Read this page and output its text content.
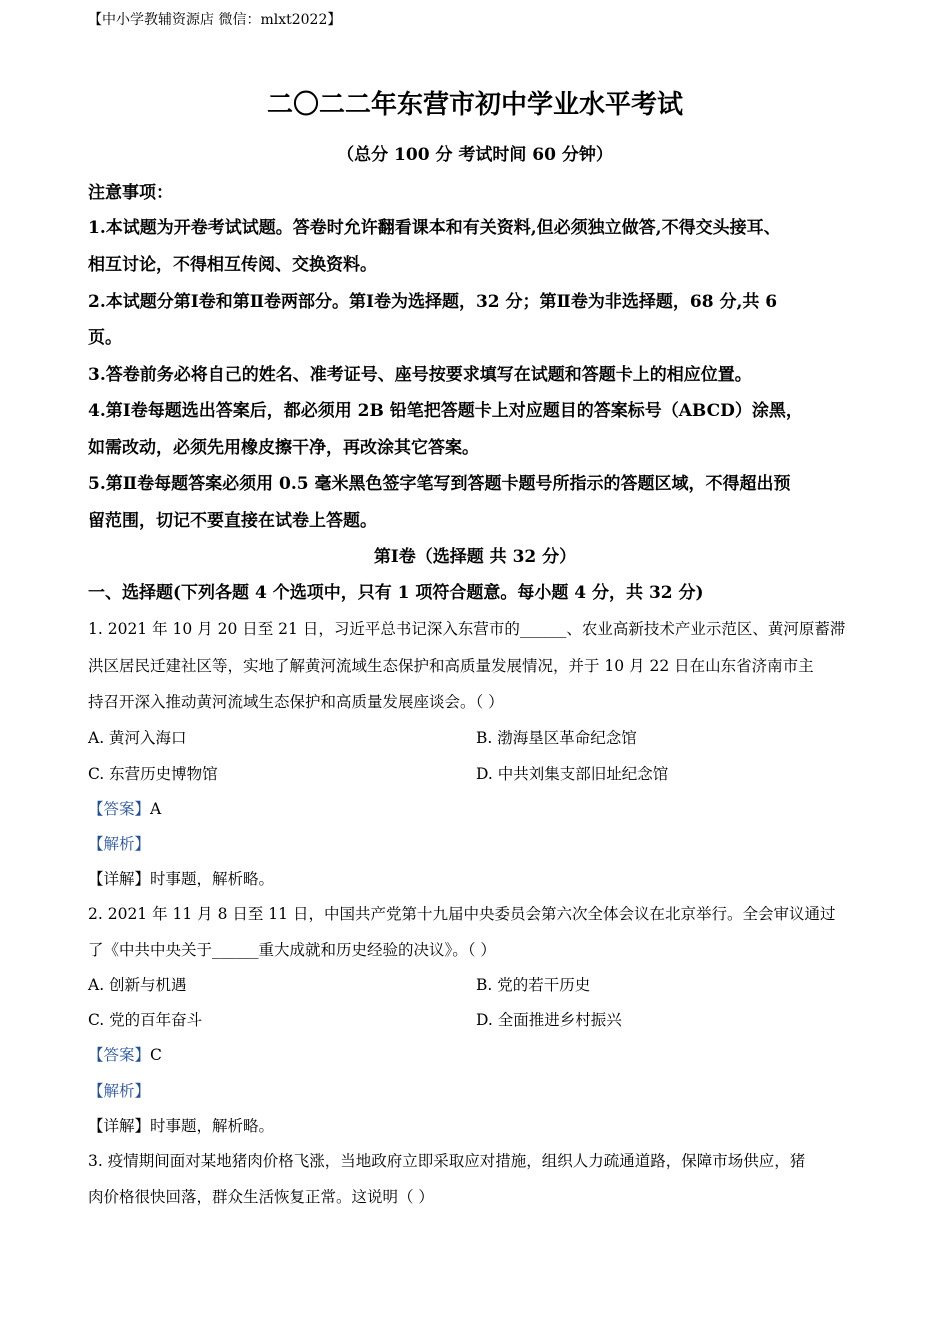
【中小学教辅资源店 微信：mlxt2022】
二〇二二年东营市初中学业水平考试
（总分 100 分 考试时间 60 分钟）
注意事项：
1.本试题为开卷考试试题。答卷时允许翻看课本和有关资料,但必须独立做答,不得交头接耳、
相互讨论，不得相互传阅、交换资料。
2.本试题分第Ⅰ卷和第Ⅱ卷两部分。第Ⅰ卷为选择题，32 分；第Ⅱ卷为非选择题，68 分,共 6
页。
3.答卷前务必将自己的姓名、准考证号、座号按要求填写在试题和答题卡上的相应位置。
4.第Ⅰ卷每题选出答案后，都必须用 2B 铅笔把答题卡上对应题目的答案标号（ABCD）涂黑，
如需改动，必须先用橡皮擦干净，再改涂其它答案。
5.第Ⅱ卷每题答案必须用 0.5 毫米黑色签字笔写到答题卡题号所指示的答题区域，不得超出预
留范围，切记不要直接在试卷上答题。
第Ⅰ卷（选择题 共 32 分）
一、选择题(下列各题 4 个选项中，只有 1 项符合题意。每小题 4 分，共 32 分)
1. 2021 年 10 月 20 日至 21 日，习近平总书记深入东营市的______、农业高新技术产业示范区、黄河原蓄滞
洪区居民迁建社区等，实地了解黄河流域生态保护和高质量发展情况，并于 10 月 22 日在山东省济南市主
持召开深入推动黄河流域生态保护和高质量发展座谈会。（ ）
A. 黄河入海口	B. 渤海垦区革命纪念馆
C. 东营历史博物馆	D. 中共刘集支部旧址纪念馆
【答案】A
【解析】
【详解】时事题，解析略。
2. 2021 年 11 月 8 日至 11 日，中国共产党第十九届中央委员会第六次全体会议在北京举行。全会审议通过
了《中共中央关于______重大成就和历史经验的决议》。（ ）
A. 创新与机遇	B. 党的若干历史
C. 党的百年奋斗	D. 全面推进乡村振兴
【答案】C
【解析】
【详解】时事题，解析略。
3. 疫情期间面对某地猪肉价格飞涨，当地政府立即采取应对措施，组织人力疏通道路，保障市场供应，猪
肉价格很快回落，群众生活恢复正常。这说明（ ）
